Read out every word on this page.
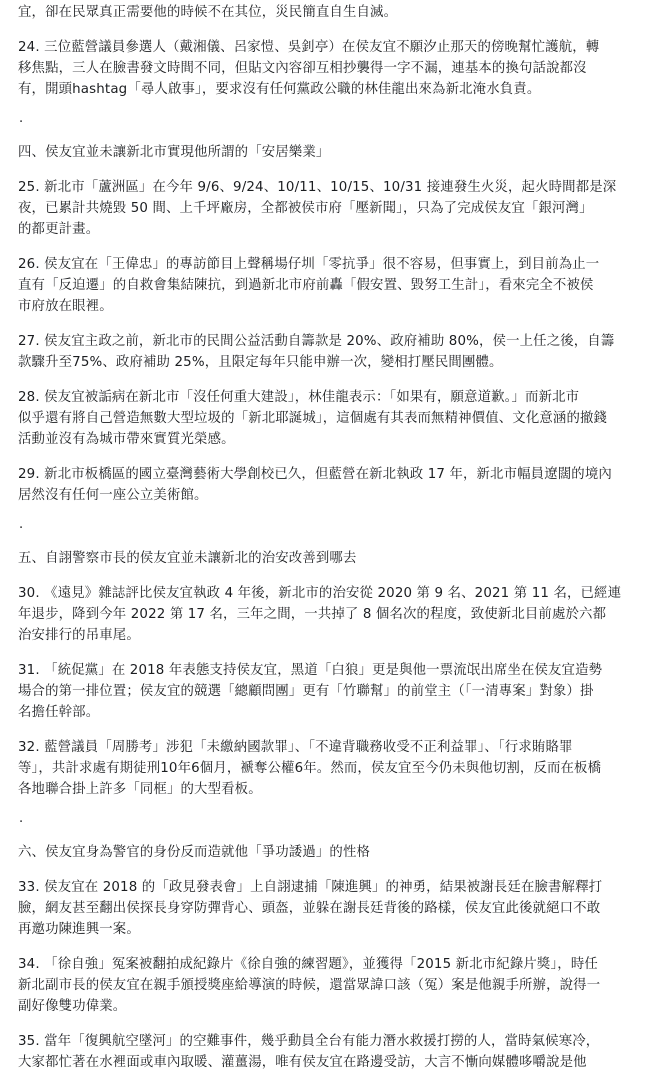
宜，卻在民眾真正需要他的時候不在其位，災民簡直自生自滅。

24. 三位藍營議員參選人（戴湘儀、呂家愷、吳釗亭）在侯友宜不願汐止那天的傍晚幫忙護航，轉

移焦點，三人在臉書發文時間不同，但貼文內容卻互相抄襲得一字不漏，連基本的換句話說都沒

有，開頭hashtag「尋人啟事」，要求沒有任何黨政公職的林佳龍出來為新北淹水負責。

.

四、侯友宜並未讓新北市實現他所謂的「安居樂業」

25. 新北市「蘆洲區」在今年 9/6、9/24、10/11、10/15、10/31 接連發生火災，起火時間都是深

夜，已累計共燒毀 50 間、上千坪廠房，全都被侯市府「壓新聞」，只為了完成侯友宜「銀河灣」

的都更計畫。

26. 侯友宜在「王偉忠」的專訪節目上聲稱場仔圳「零抗爭」很不容易，但事實上，到目前為止一

直有「反迫遷」的自救會集結陳抗，到過新北市府前轟「假安置、毀努工生計」，看來完全不被侯

市府放在眼裡。

27. 侯友宜主政之前，新北市的民間公益活動自籌款是 20%、政府補助 80%，侯一上任之後，自籌

款驟升至75%、政府補助 25%，且限定每年只能申辦一次，變相打壓民間團體。

28. 侯友宜被詬病在新北市「沒任何重大建設」，林佳龍表示：「如果有，願意道歉。」而新北市

似乎還有將自己營造無數大型垃圾的「新北耶誕城」，這個處有其表而無精神價值、文化意涵的撤錢

活動並沒有為城市帶來實質光榮感。

29. 新北市板橋區的國立臺灣藝術大學創校已久，但藍營在新北執政 17 年，新北市幅員遼闊的境內

居然沒有任何一座公立美術館。

.

五、自詡警察市長的侯友宜並未讓新北的治安改善到哪去

30. 《遠見》雜誌評比侯友宜執政 4 年後，新北市的治安從 2020 第 9 名、2021 第 11 名，已經連

年退步，降到今年 2022 第 17 名，三年之間，一共掉了 8 個名次的程度，致使新北目前處於六都

治安排行的吊車尾。

31. 「統促黨」在 2018 年表態支持侯友宜，黑道「白狼」更是與他一票流氓出席坐在侯友宜造勢

場合的第一排位置；侯友宜的競選「總顧問團」更有「竹聯幫」的前堂主（「一清專案」對象）掛

名擔任幹部。

32. 藍營議員「周勝考」涉犯「未繳納國款罪」、「不違背職務收受不正利益罪」、「行求賄賂罪

等」，共計求處有期徒刑10年6個月，褫奪公權6年。然而，侯友宜至今仍未與他切割，反而在板橋

各地聯合掛上許多「同框」的大型看板。

.

六、侯友宜身為警官的身份反而造就他「爭功諉過」的性格

33. 侯友宜在 2018 的「政見發表會」上自詡逮捕「陳進興」的神勇，結果被謝長廷在臉書解釋打

臉，網友甚至翻出侯探長身穿防彈背心、頭盔，並躲在謝長廷背後的路樣，侯友宜此後就絕口不敢

再邀功陳進興一案。

34. 「徐自強」冤案被翻拍成紀錄片《徐自強的練習題》，並獲得「2015 新北市紀錄片獎」，時任

新北副市長的侯友宜在親手頒授獎座給導演的時候，還當眾諱口該（冤）案是他親手所辦，說得一

副好像雙功偉業。

35. 當年「復興航空墜河」的空難事件，幾乎動員全台有能力潛水救援打撈的人，當時氣候寒冷，

大家都忙著在水裡面或車內取暖、灌薑湯，唯有侯友宜在路邊受訪，大言不慚向媒體哆嚼說是他
